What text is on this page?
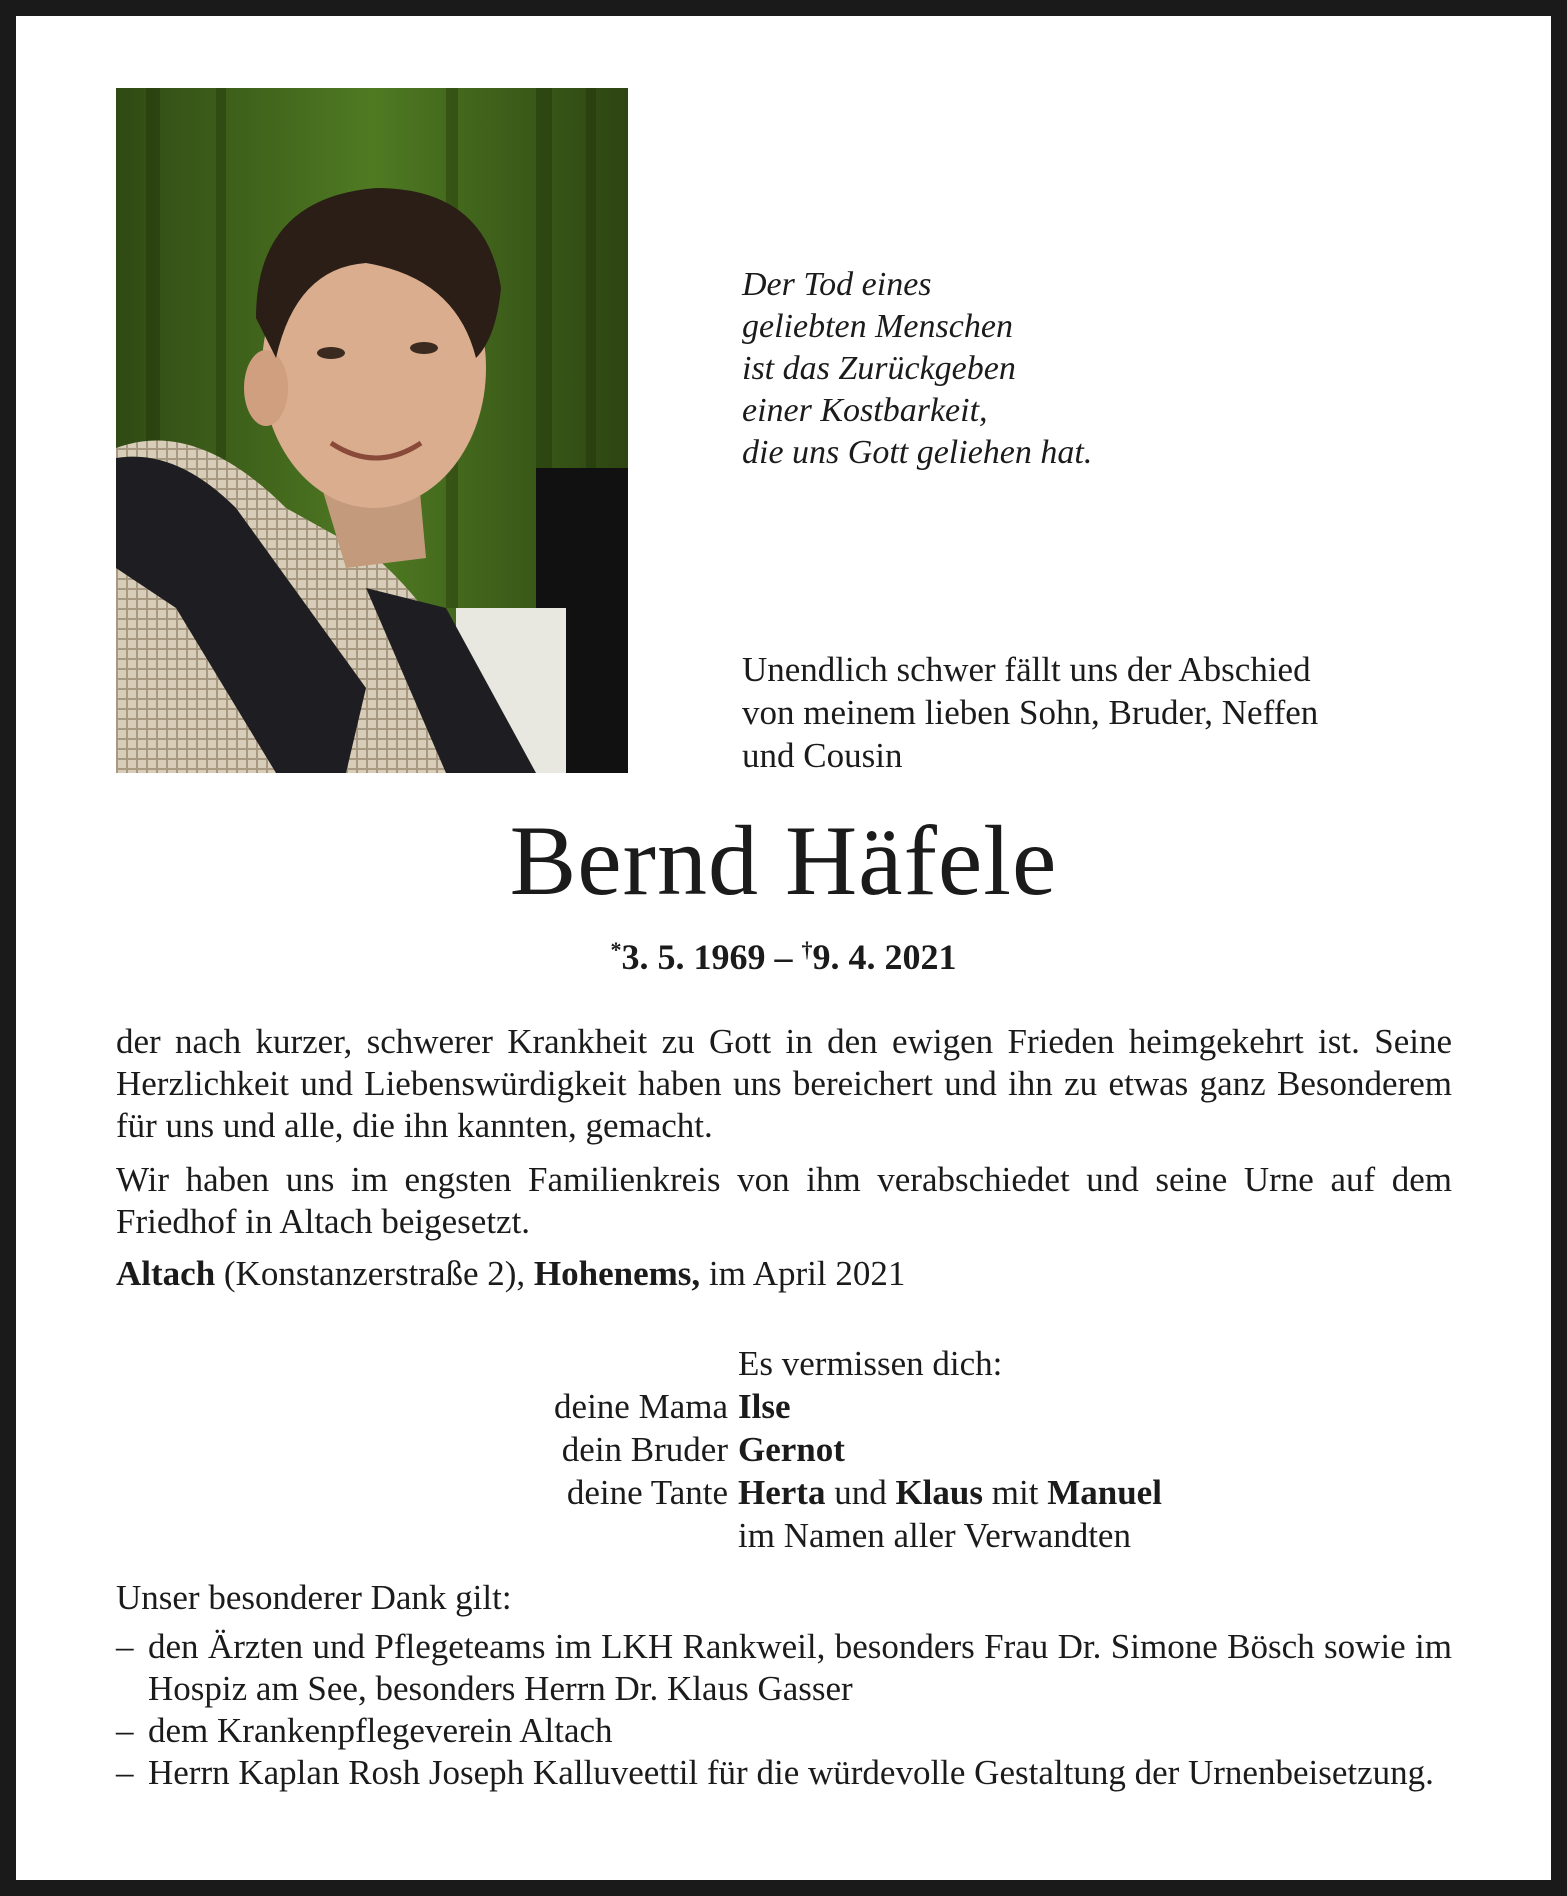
Der Tod eines
geliebten Menschen
ist das Zurückgeben
einer Kostbarkeit,
die uns Gott geliehen hat.
Unendlich schwer fällt uns der Abschied
von meinem lieben Sohn, Bruder, Neffen
und Cousin
Bernd Häfele
*3. 5. 1969 – †9. 4. 2021
der nach kurzer, schwerer Krankheit zu Gott in den ewigen Frieden heimgekehrt ist. Seine Herzlichkeit und Liebenswürdigkeit haben uns bereichert und ihn zu etwas ganz Besonderem für uns und alle, die ihn kannten, gemacht.
Wir haben uns im engsten Familienkreis von ihm verabschiedet und seine Urne auf dem Friedhof in Altach beigesetzt.
Altach (Konstanzerstraße 2), Hohenems, im April 2021
Es vermissen dich:
deine Mama Ilse
dein Bruder Gernot
deine Tante Herta und Klaus mit Manuel
im Namen aller Verwandten
Unser besonderer Dank gilt:
– den Ärzten und Pflegeteams im LKH Rankweil, besonders Frau Dr. Simone Bösch sowie im Hospiz am See, besonders Herrn Dr. Klaus Gasser
– dem Krankenpflegeverein Altach
– Herrn Kaplan Rosh Joseph Kalluveettil für die würdevolle Gestaltung der Urnenbeisetzung.
